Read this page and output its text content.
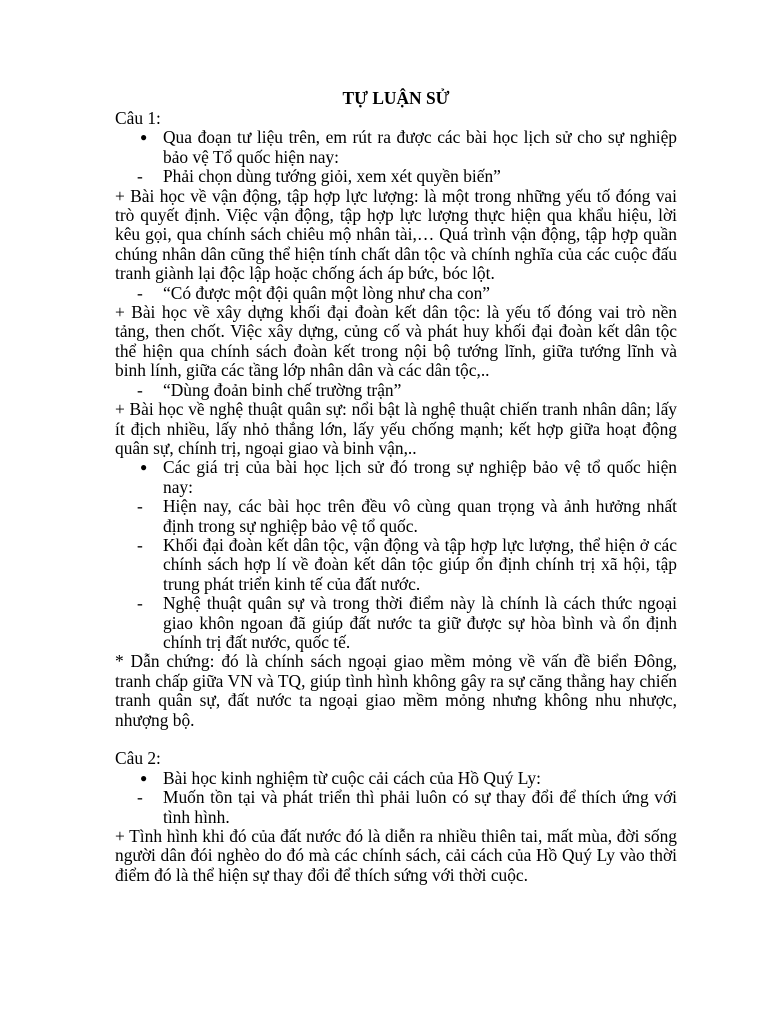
TỰ LUẬN SỬ

Câu 1:

● Qua đoạn tư liệu trên, em rút ra được các bài học lịch sử cho sự nghiệp bảo vệ Tổ quốc hiện nay:
- Phải chọn dùng tướng giỏi, xem xét quyền biến”

+ Bài học về vận động, tập hợp lực lượng: là một trong những yếu tố đóng vai trò quyết định. Việc vận động, tập hợp lực lượng thực hiện qua khẩu hiệu, lời kêu gọi, qua chính sách chiêu mộ nhân tài,… Quá trình vận động, tập hợp quần chúng nhân dân cũng thể hiện tính chất dân tộc và chính nghĩa của các cuộc đấu tranh giành lại độc lập hoặc chống ách áp bức, bóc lột.

- “Có được một đội quân một lòng như cha con”

+ Bài học về xây dựng khối đại đoàn kết dân tộc: là yếu tố đóng vai trò nền tảng, then chốt. Việc xây dựng, củng cố và phát huy khối đại đoàn kết dân tộc thể hiện qua chính sách đoàn kết trong nội bộ tướng lĩnh, giữa tướng lĩnh và binh lính, giữa các tầng lớp nhân dân và các dân tộc,..

- “Dùng đoản binh chế trường trận”

+ Bài học về nghệ thuật quân sự: nổi bật là nghệ thuật chiến tranh nhân dân; lấy ít địch nhiều, lấy nhỏ thắng lớn, lấy yếu chống mạnh; kết hợp giữa hoạt động quân sự, chính trị, ngoại giao và binh vận,..

● Các giá trị của bài học lịch sử đó trong sự nghiệp bảo vệ tổ quốc hiện nay:
- Hiện nay, các bài học trên đều vô cùng quan trọng và ảnh hưởng nhất định trong sự nghiệp bảo vệ tổ quốc.
- Khối đại đoàn kết dân tộc, vận động và tập hợp lực lượng, thể hiện ở các chính sách hợp lí về đoàn kết dân tộc giúp ổn định chính trị xã hội, tập trung phát triển kinh tế của đất nước.
- Nghệ thuật quân sự và trong thời điểm này là chính là cách thức ngoại giao khôn ngoan đã giúp đất nước ta giữ được sự hòa bình và ổn định chính trị đất nước, quốc tế.

* Dẫn chứng: đó là chính sách ngoại giao mềm mỏng về vấn đề biển Đông, tranh chấp giữa VN và TQ, giúp tình hình không gây ra sự căng thẳng hay chiến tranh quân sự, đất nước ta ngoại giao mềm mỏng nhưng không nhu nhược, nhượng bộ.

Câu 2:

● Bài học kinh nghiệm từ cuộc cải cách của Hồ Quý Ly:
- Muốn tồn tại và phát triển thì phải luôn có sự thay đổi để thích ứng với tình hình.

+ Tình hình khi đó của đất nước đó là diễn ra nhiều thiên tai, mất mùa, đời sống người dân đói nghèo do đó mà các chính sách, cải cách của Hồ Quý Ly vào thời điểm đó là thể hiện sự thay đổi để thích sứng với thời cuộc.
